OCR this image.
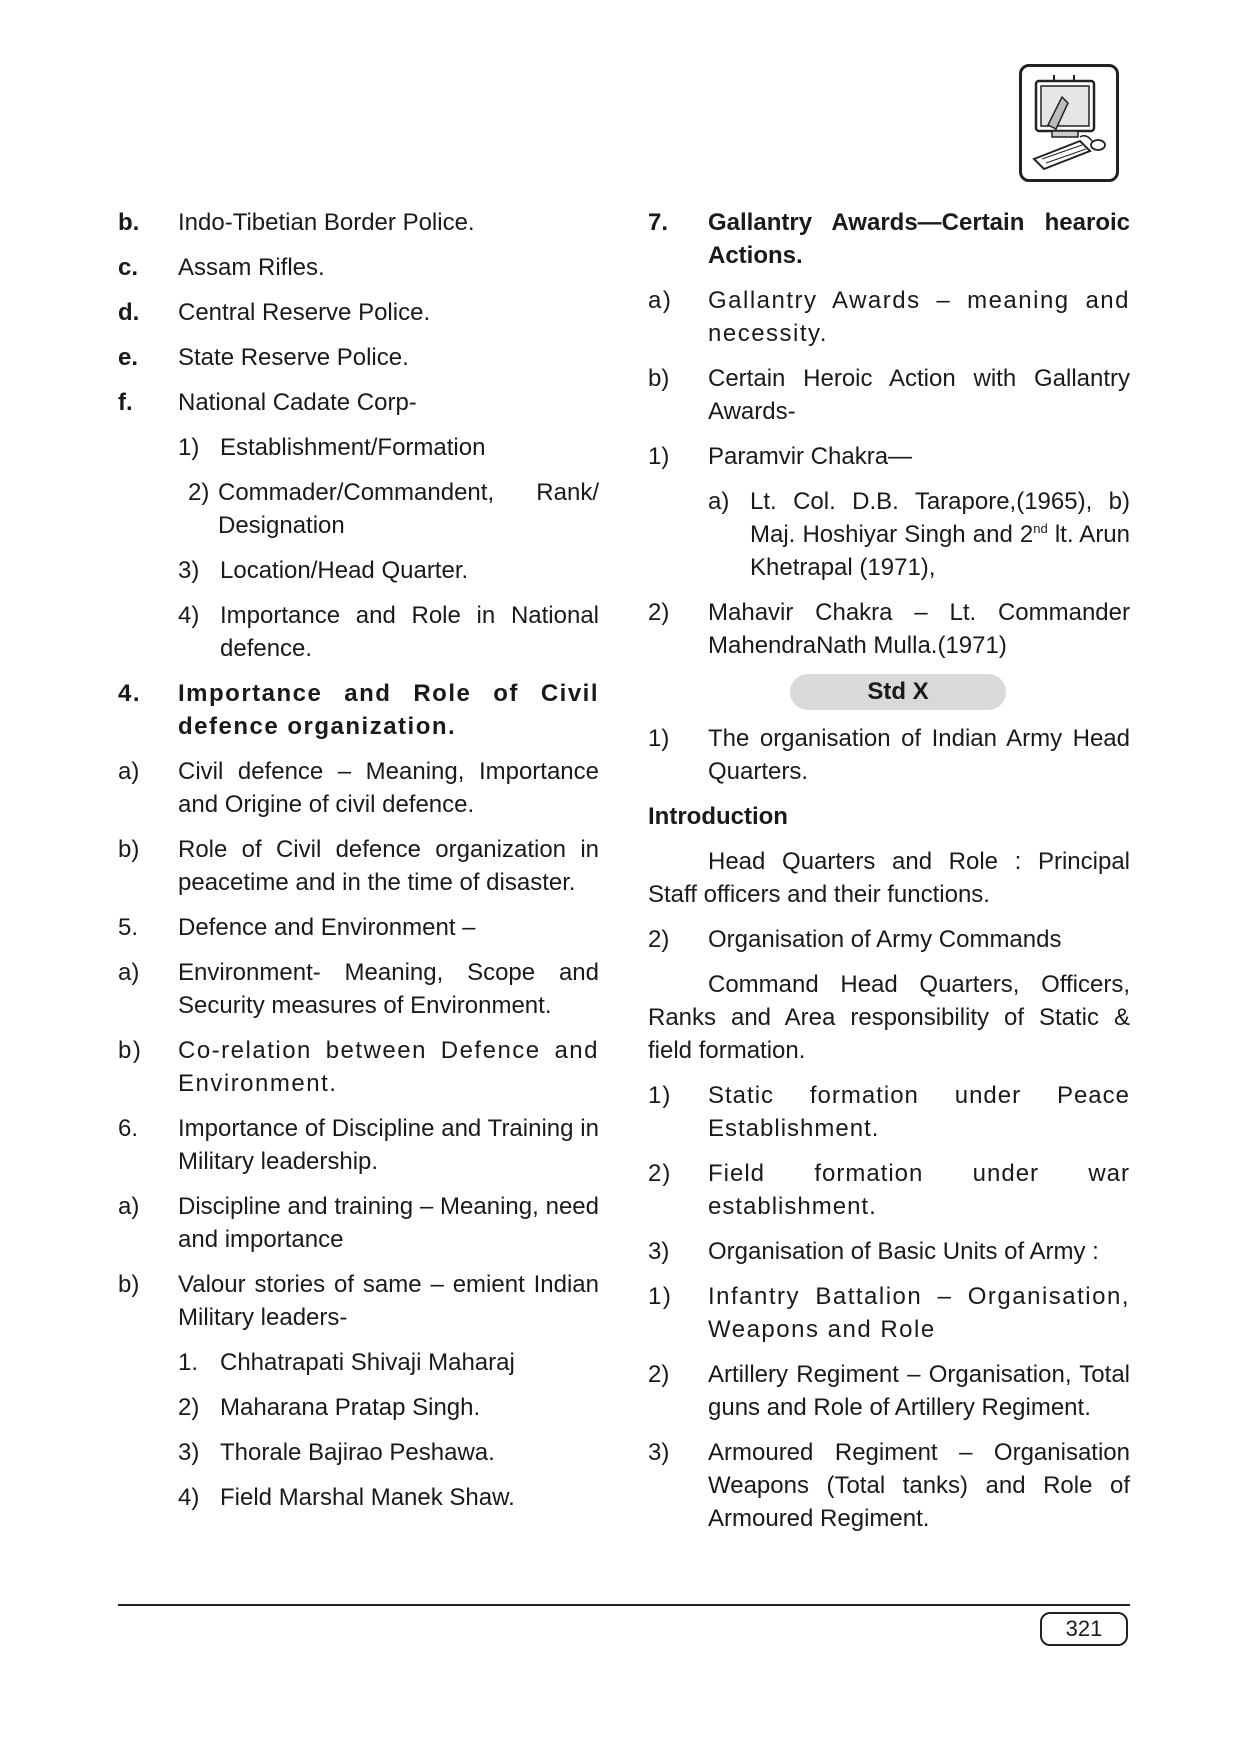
b.	Indo-Tibetian Border Police.
c.	Assam Rifles.
d.	Central Reserve Police.
e.	State Reserve Police.
f.	National Cadate Corp-
1) Establishment/Formation
2) Commader/Commandent, Rank/ Designation
3) Location/Head Quarter.
4) Importance and Role in National defence.
4.	Importance and Role of Civil defence organization.
a)	Civil defence – Meaning, Importance and Origine of civil defence.
b)	Role of Civil defence organization in peacetime and in the time of disaster.
5.	Defence and Environment –
a)	Environment- Meaning, Scope and Security measures of Environment.
b)	Co-relation between Defence and Environment.
6.	Importance of Discipline and Training in Military leadership.
a)	Discipline and training – Meaning, need and importance
b)	Valour stories of same – emient Indian Military leaders-
1. Chhatrapati Shivaji Maharaj
2) Maharana Pratap Singh.
3) Thorale Bajirao Peshawa.
4) Field Marshal Manek Shaw.
7.	Gallantry Awards—Certain hearoic Actions.
a)	Gallantry Awards – meaning and necessity.
b)	Certain Heroic Action with Gallantry Awards-
1)	Paramvir Chakra—
a) Lt. Col. D.B. Tarapore,(1965), b) Maj. Hoshiyar Singh and 2nd lt. Arun Khetrapal (1971),
2)	Mahavir Chakra – Lt. Commander MahendraNath Mulla.(1971)
Std X
1)	The organisation of Indian Army Head Quarters.
Introduction
Head Quarters and Role : Principal Staff officers and their functions.
2)	Organisation of Army Commands
Command Head Quarters, Officers, Ranks and Area responsibility of Static & field formation.
1)	Static formation under Peace Establishment.
2)	Field formation under war establishment.
3)	Organisation of Basic Units of Army :
1)	Infantry Battalion – Organisation, Weapons and Role
2)	Artillery Regiment – Organisation, Total guns and Role of Artillery Regiment.
3)	Armoured Regiment – Organisation Weapons (Total tanks) and Role of Armoured Regiment.
321
